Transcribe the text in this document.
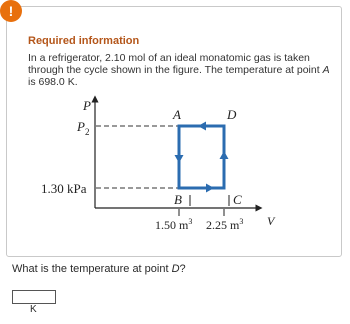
Required information
In a refrigerator, 2.10 mol of an ideal monatomic gas is taken through the cycle shown in the figure. The temperature at point A is 698.0 K.
P
$P_2$
1.30 kPa
V
A	D
B	C
1.50 $m^3$ 2.25 $m^3$
!
What is the temperature at point D?
K
